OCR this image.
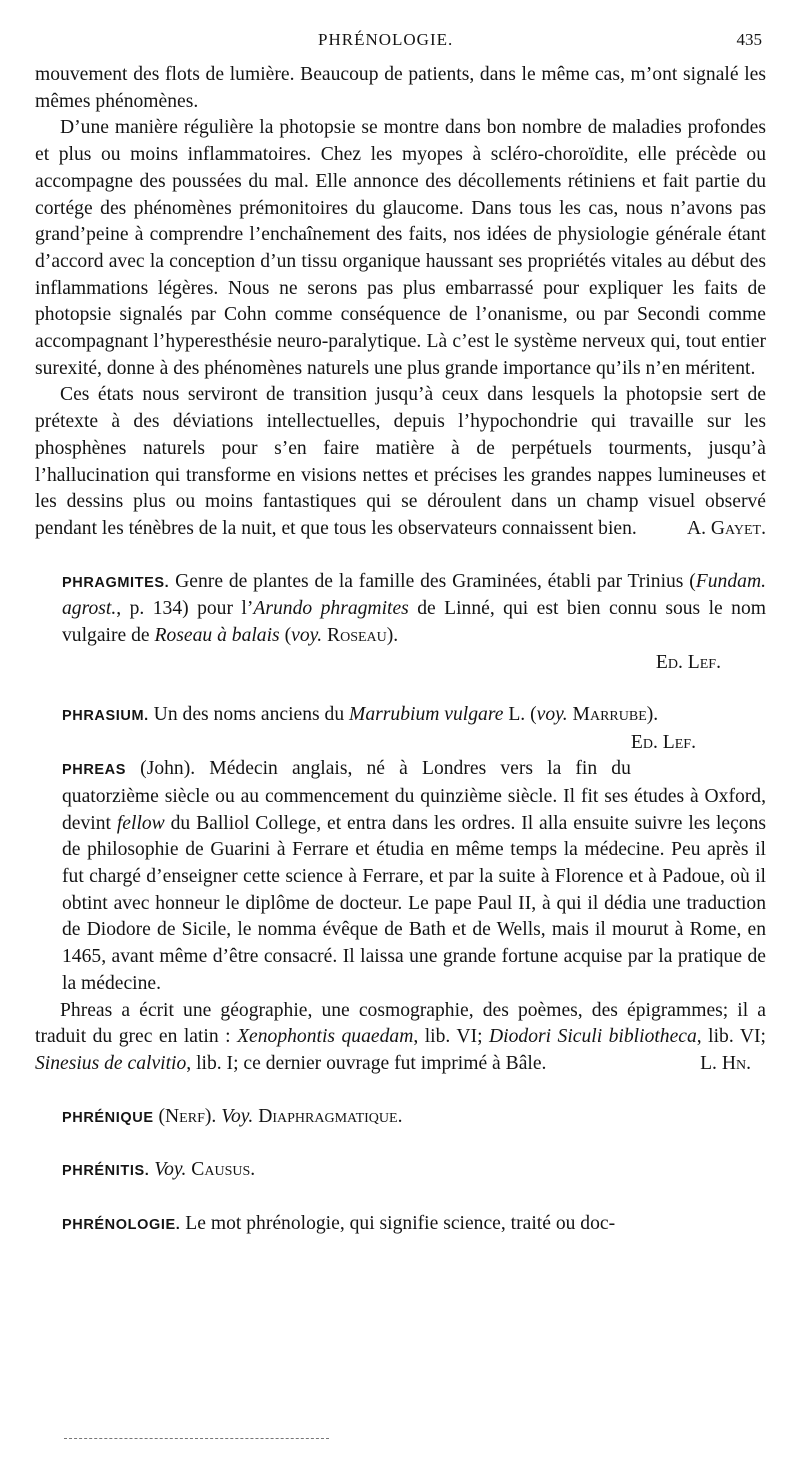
PHRÉNOLOGIE.	435

mouvement des flots de lumière. Beaucoup de patients, dans le même cas, m’ont signalé les mêmes phénomènes.

D’une manière régulière la photopsie se montre dans bon nombre de maladies profondes et plus ou moins inflammatoires. Chez les myopes à scléro-choroïdite, elle précède ou accompagne des poussées du mal. Elle annonce des décollements rétiniens et fait partie du cortége des phénomènes prémonitoires du glaucome. Dans tous les cas, nous n’avons pas grand’peine à comprendre l’enchaînement des faits, nos idées de physiologie générale étant d’accord avec la conception d’un tissu organique haussant ses propriétés vitales au début des inflammations légères. Nous ne serons pas plus embarrassé pour expliquer les faits de photopsie signalés par Cohn comme conséquence de l’onanisme, ou par Secondi comme accompagnant l’hyperesthésie neuro-paralytique. Là c’est le système nerveux qui, tout entier surexité, donne à des phénomènes naturels une plus grande importance qu’ils n’en méritent.

Ces états nous serviront de transition jusqu’à ceux dans lesquels la photopsie sert de prétexte à des déviations intellectuelles, depuis l’hypochondrie qui travaille sur les phosphènes naturels pour s’en faire matière à de perpétuels tourments, jusqu’à l’hallucination qui transforme en visions nettes et précises les grandes nappes lumineuses et les dessins plus ou moins fantastiques qui se déroulent dans un champ visuel observé pendant les ténèbres de la nuit, et que tous les observateurs connaissent bien.	A. Gayet.

PHRAGMITES. Genre de plantes de la famille des Graminées, établi par Trinius (Fundam. agrost., p. 134) pour l’Arundo phragmites de Linné, qui est bien connu sous le nom vulgaire de Roseau à balais (voy. Roseau).

Ed. Lef.

PHRASIUM. Un des noms anciens du Marrubium vulgare L. (voy. Marrube).
Ed. Lef.

PHREAS (John). Médecin anglais, né à Londres vers la fin du quatorzième siècle ou au commencement du quinzième siècle. Il fit ses études à Oxford, devint fellow du Balliol College, et entra dans les ordres. Il alla ensuite suivre les leçons de philosophie de Guarini à Ferrare et étudia en même temps la médecine. Peu après il fut chargé d’enseigner cette science à Ferrare, et par la suite à Florence et à Padoue, où il obtint avec honneur le diplôme de docteur. Le pape Paul II, à qui il dédia une traduction de Diodore de Sicile, le nomma évêque de Bath et de Wells, mais il mourut à Rome, en 1465, avant même d’être consacré. Il laissa une grande fortune acquise par la pratique de la médecine.

Phreas a écrit une géographie, une cosmographie, des poèmes, des épigrammes; il a traduit du grec en latin : Xenophontis quaedam, lib. VI; Diodori Siculi bibliotheca, lib. VI; Sinesius de calvitio, lib. I; ce dernier ouvrage fut imprimé à Bâle.	L. Hn.

PHRÉNIQUE (Nerf). Voy. Diaphragmatique.

PHRÉNITIS. Voy. Causus.

PHRÉNOLOGIE. Le mot phrénologie, qui signifie science, traité ou doc-
